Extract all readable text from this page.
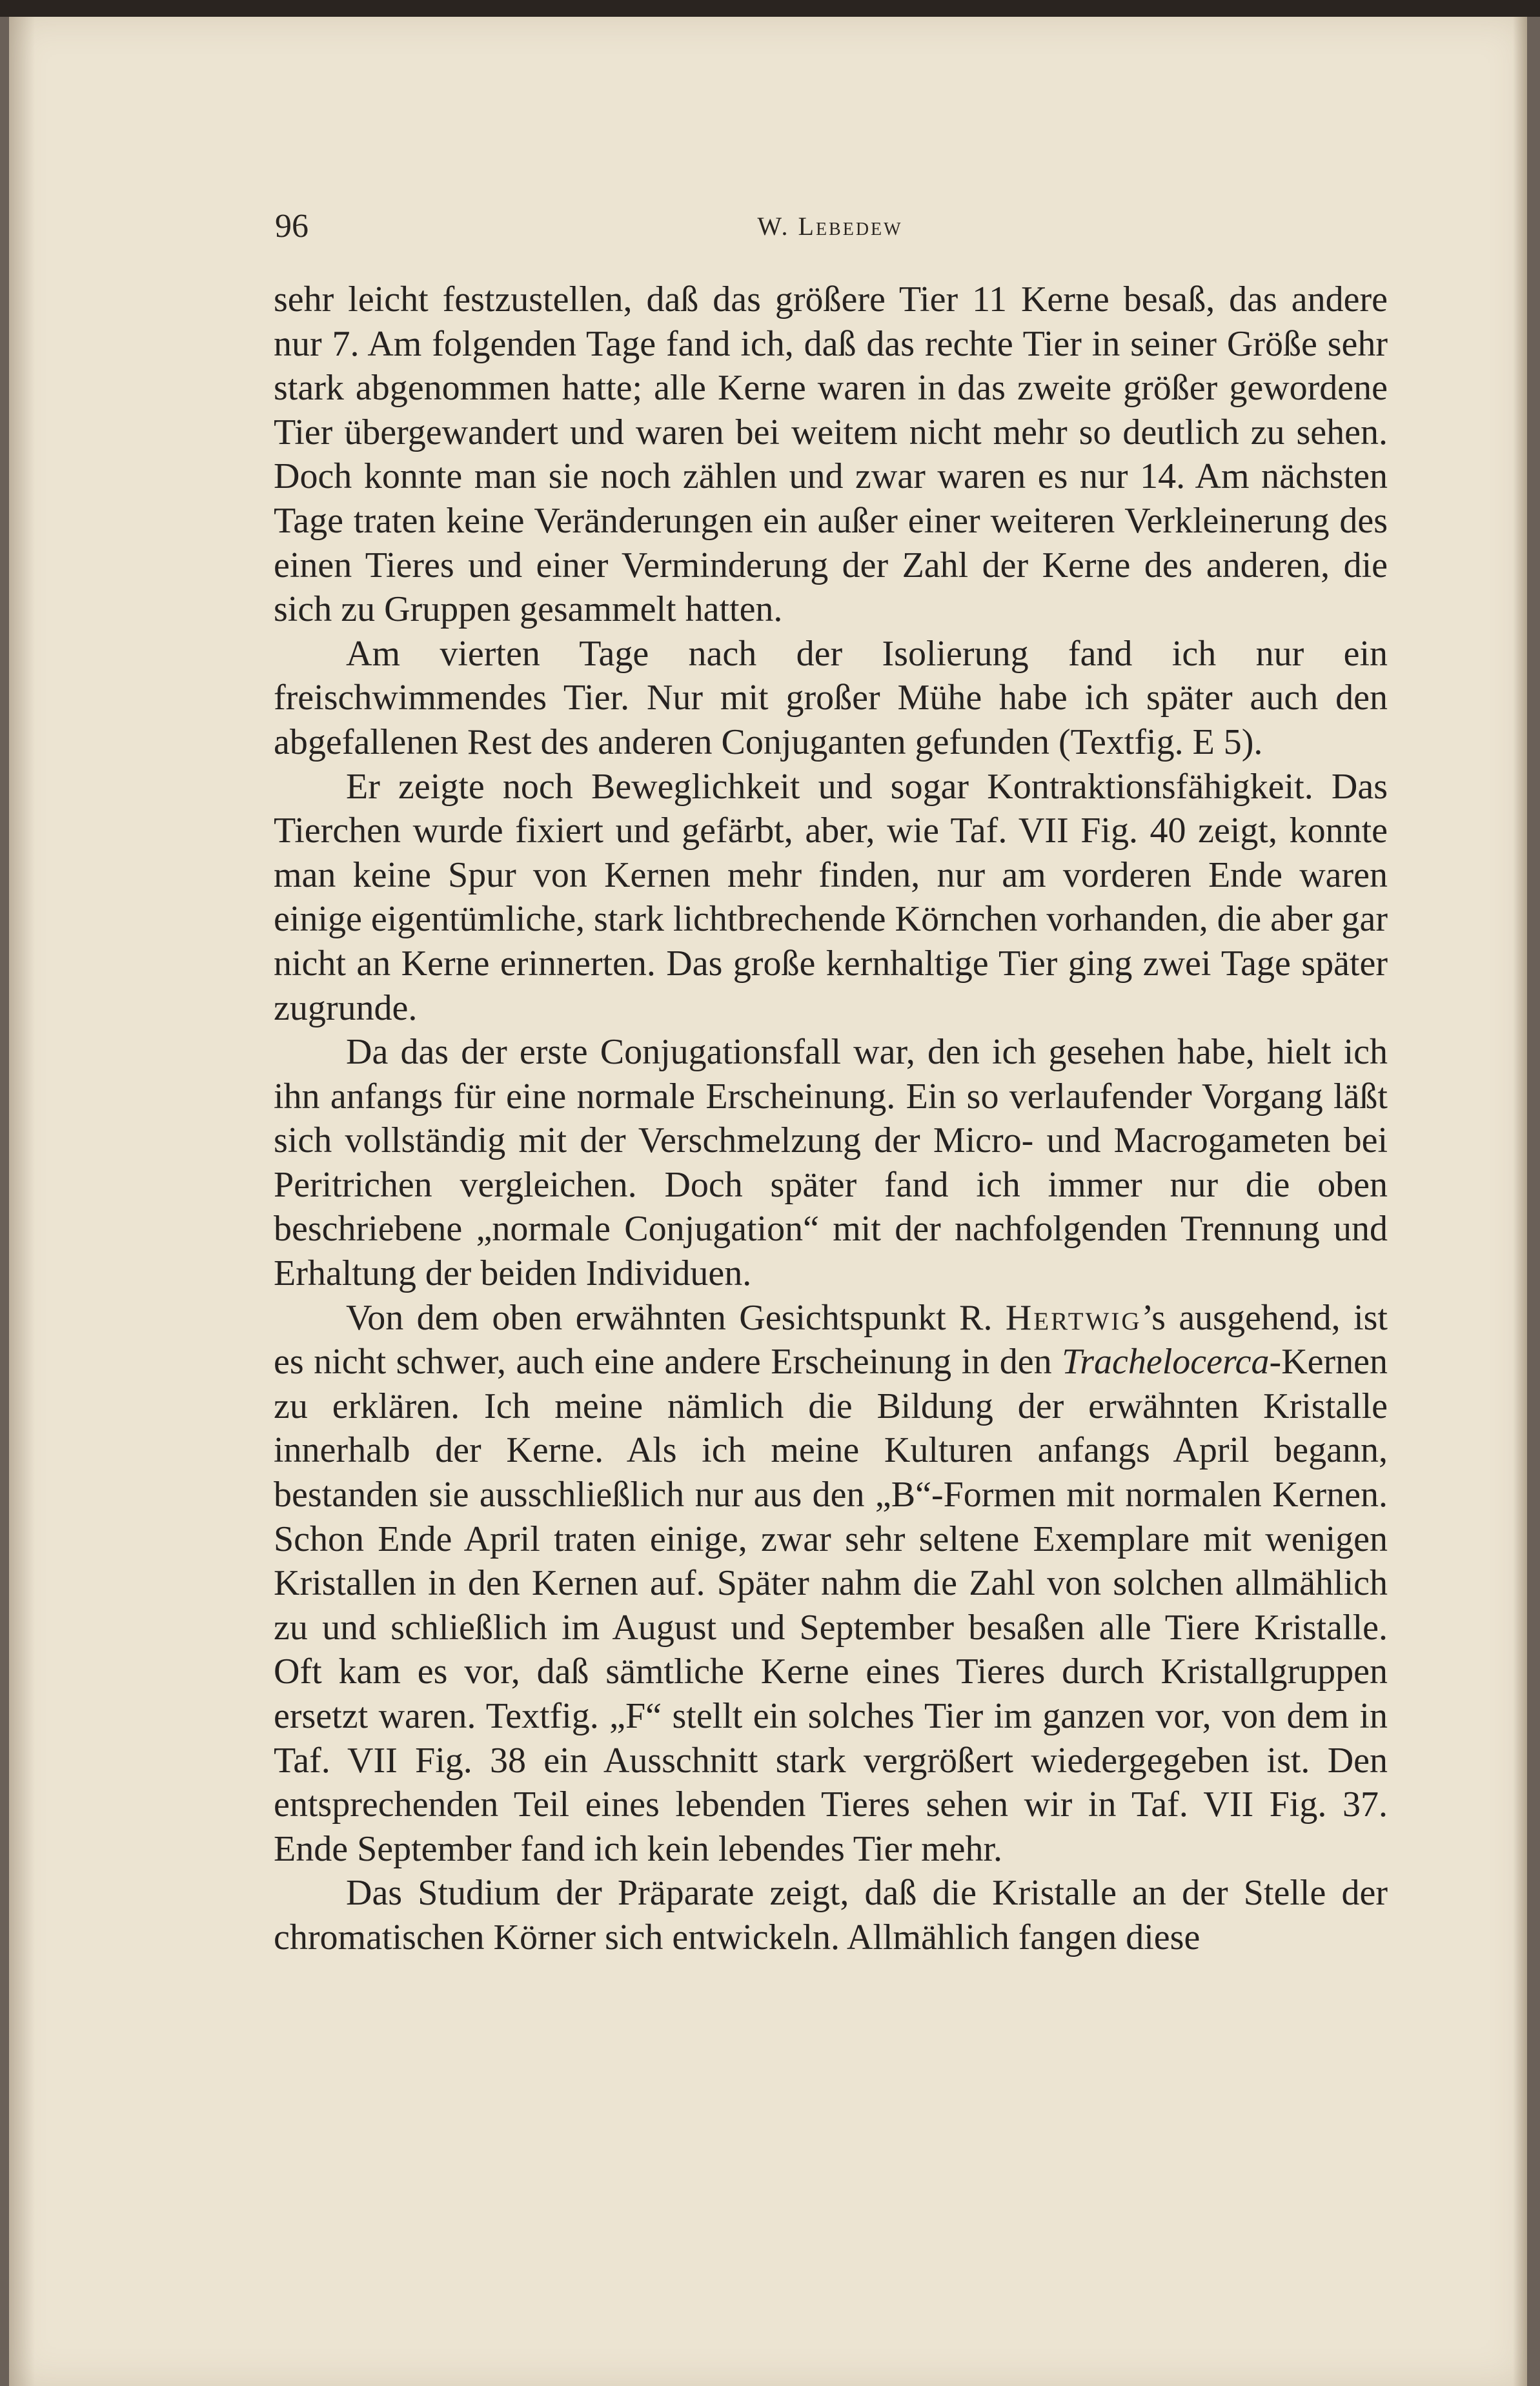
96	W. Lebedew

sehr leicht festzustellen, daß das größere Tier 11 Kerne besaß, das andere nur 7. Am folgenden Tage fand ich, daß das rechte Tier in seiner Größe sehr stark abgenommen hatte; alle Kerne waren in das zweite größer gewordene Tier übergewandert und waren bei weitem nicht mehr so deutlich zu sehen. Doch konnte man sie noch zählen und zwar waren es nur 14. Am nächsten Tage traten keine Veränderungen ein außer einer weiteren Verkleinerung des einen Tieres und einer Verminderung der Zahl der Kerne des anderen, die sich zu Gruppen gesammelt hatten.

Am vierten Tage nach der Isolierung fand ich nur ein freischwimmendes Tier. Nur mit großer Mühe habe ich später auch den abgefallenen Rest des anderen Conjuganten gefunden (Textfig. E 5).

Er zeigte noch Beweglichkeit und sogar Kontraktionsfähigkeit. Das Tierchen wurde fixiert und gefärbt, aber, wie Taf. VII Fig. 40 zeigt, konnte man keine Spur von Kernen mehr finden, nur am vorderen Ende waren einige eigentümliche, stark lichtbrechende Körnchen vorhanden, die aber gar nicht an Kerne erinnerten. Das große kernhaltige Tier ging zwei Tage später zugrunde.

Da das der erste Conjugationsfall war, den ich gesehen habe, hielt ich ihn anfangs für eine normale Erscheinung. Ein so verlaufender Vorgang läßt sich vollständig mit der Verschmelzung der Micro- und Macrogameten bei Peritrichen vergleichen. Doch später fand ich immer nur die oben beschriebene „normale Conjugation“ mit der nachfolgenden Trennung und Erhaltung der beiden Individuen.

Von dem oben erwähnten Gesichtspunkt R. Hertwig’s ausgehend, ist es nicht schwer, auch eine andere Erscheinung in den Trachelocerca-Kernen zu erklären. Ich meine nämlich die Bildung der erwähnten Kristalle innerhalb der Kerne. Als ich meine Kulturen anfangs April begann, bestanden sie ausschließlich nur aus den „B“-Formen mit normalen Kernen. Schon Ende April traten einige, zwar sehr seltene Exemplare mit wenigen Kristallen in den Kernen auf. Später nahm die Zahl von solchen allmählich zu und schließlich im August und September besaßen alle Tiere Kristalle. Oft kam es vor, daß sämtliche Kerne eines Tieres durch Kristallgruppen ersetzt waren. Textfig. „F“ stellt ein solches Tier im ganzen vor, von dem in Taf. VII Fig. 38 ein Ausschnitt stark vergrößert wiedergegeben ist. Den entsprechenden Teil eines lebenden Tieres sehen wir in Taf. VII Fig. 37. Ende September fand ich kein lebendes Tier mehr.

Das Studium der Präparate zeigt, daß die Kristalle an der Stelle der chromatischen Körner sich entwickeln. Allmählich fangen diese
